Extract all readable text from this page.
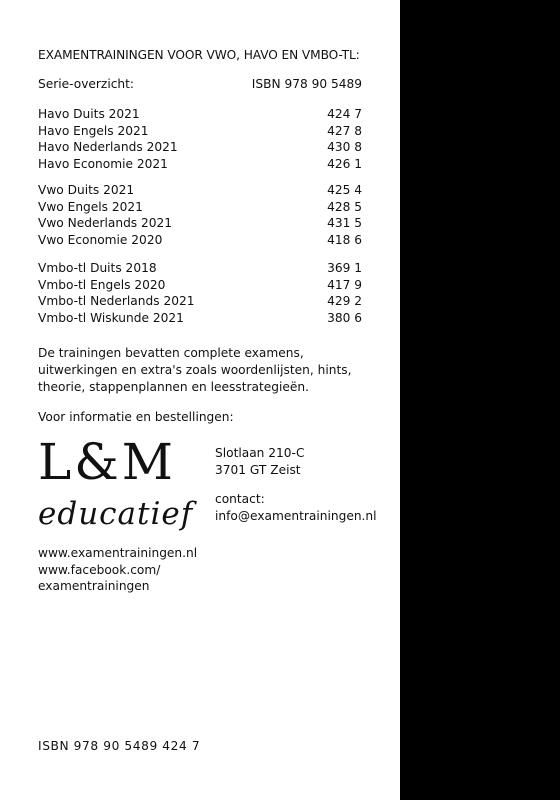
EXAMENTRAININGEN VOOR VWO, HAVO EN VMBO-TL:
Serie-overzicht:	ISBN 978 90 5489
Havo Duits 2021	424 7
Havo Engels 2021	427 8
Havo Nederlands 2021	430 8
Havo Economie 2021	426 1
Vwo Duits 2021	425 4
Vwo Engels 2021	428 5
Vwo Nederlands 2021	431 5
Vwo Economie 2020	418 6
Vmbo-tl Duits 2018	369 1
Vmbo-tl Engels 2020	417 9
Vmbo-tl Nederlands 2021	429 2
Vmbo-tl Wiskunde 2021	380 6
De trainingen bevatten complete examens,
uitwerkingen en extra's zoals woordenlijsten, hints,
theorie, stappenplannen en leesstrategieën.
Voor informatie en bestellingen:
L&M
educatief
Slotlaan 210-C
3701 GT Zeist
contact:
info@examentrainingen.nl
www.examentrainingen.nl
www.facebook.com/
examentrainingen
ISBN 978 90 5489 424 7
